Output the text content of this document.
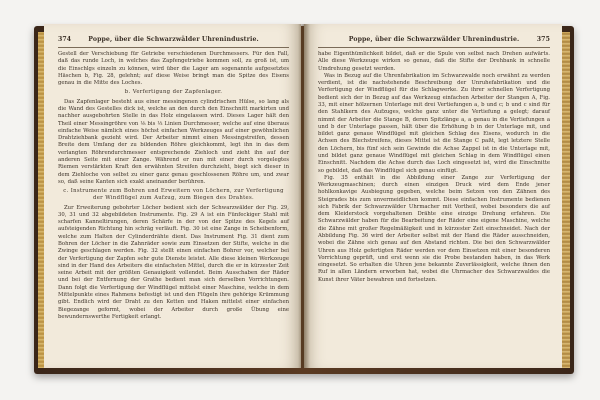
374	Poppe, über die Schwarzwälder Uhrenindustrie.

Gestell der Verschiebung für Getriebe verschiedenen Durchmessers. Für den Fall, daß das runde Loch, in welches das Zapfengetriebe kommen soll, zu groß ist, um die Einschlgs einzeln zu können, wird über die Lager am sogenannte aufgesetztes Häschen b, Fig. 28, gelehnt; auf diese Weise bringt man die Spitze des Eisens genau in die Mitte des Loches.

b. Verfertigung der Zapfenlager.

Das Zapfenlager besteht aus einer messingenen cylindrischen Hülse, so lang als die Wand des Gestelles dick ist, welche an den durch den Einschnitt markirten und nachher ausgebohrten Stelle in das Holz eingelassen wird. Dieses Lager hält den Theil einer Messingröhre von ⅛ bis ⅓ Linien Durchmesser, welche auf eine überaus einfache Weise nämlich eines höchst einfachen Werkzeuges auf einer gewöhnlichen Drahtziehbank gezieht wird. Der Arbeiter nimmt einen Messingstreifen, dessen Breite dem Umfang der zu bildenden Röhre gleichkommt, legt ihn in das dem verlangten Röhrendurchmesser entsprechende Ziehloch und zieht ihn auf der anderen Seite mit einer Zange. Während er nun mit einer durch vorgelegtes Riemen verstärkten Kraft den erwähnten Streifen durchzieht, biegt sich dieser in dem Ziehloche von selbst zu einer ganz genau geschlossenen Röhre um, und zwar so, daß seine Kanten sich exakt aneinander berühren.

c. Instrumente zum Bohren und Erweitern von Löchern, zur Verfertigung der Windflügel zum Aufzug, zum Biegen des Drahtes.

Zur Erweiterung gebohrter Löcher bedient sich der Schwarzwälder der Fig. 29, 30, 31 und 32 abgebildeten Instrumente. Fig. 29 A ist ein Fünfeckiger Stahl mit scharfen Kanneltirungen, deren Schärfe in der von der Spitze des Kegels auf aufsteigenden Richtung hin schräg verläuft. Fig. 30 ist eine Zange in Scheibenform, welche zum Halten der Cylinderdrähte dient. Das Instrument Fig. 31 dient zum Bohren der Löcher in die Zahnräder sowie zum Einsetzen der Stifte, welche in die Zwinge geschlagen werden. Fig. 32 stellt einen einfachen Bohrer vor, welcher bei der Verfertigung der Zapfen sehr gute Dienste leistet. Alle diese kleinen Werkzeuge sind in der Hand des Arbeiters die einfachsten Mittel, durch die er in kürzester Zeit seine Arbeit mit der größten Genauigkeit vollendet. Beim Ausschaben der Räder und bei der Entfernung der Grathe bedient man sich derselben Vorrichtungen. Dann folgt die Verfertigung der Windflügel mittelst einer Maschine, welche in dem Mittelpunkte eines Rahmens befestigt ist und den Flügeln ihre gehörige Krümmung gibt. Endlich wird der Draht zu den Ketten und Haken mittelst einer einfachen Biegezange geformt, wobei der Arbeiter durch große Übung eine bewundernswerthe Fertigkeit erlangt.

Poppe, über die Schwarzwälder Uhrenindustrie.	375

habe Eigenthümlichkeit bildet, daß er die Spule von selbst nach Drehen aufwärts. Alle diese Werkzeuge wirken so genau, daß die Stifte der Drehbank in schnelle Umdrehung gesetzt werden.

Was in Bezug auf die Uhrenfabrikation im Schwarzwalde noch erwähnt zu werden verdient, ist die nachstehende Beschreibung der Unruhefabrikation und die Verfertigung der Windflügel für die Schlagwerke. Zu ihrer schnellen Verfertigung bedient sich der in Bezug auf das Werkzeug einfachen Arbeiter der Stangen A, Fig. 33, mit einer hölzernen Unterlage mit drei Vertiefungen a, b und c; b und c sind für den Stahlkern des Aufzuges, welche ganz unter die Vertiefung a gelegt; darauf nimmt der Arbeiter die Stange B, deren Spitzlänge a, a genau in die Vertiefungen a und b der Unterlage passen, hält über die Erhöhung b in der Unterlage mit, und bildet ganz genaue Windflügel mit gleichen Schlag des Eisens, wodurch in die Achsen des Blechstreifens, dieses Mittel ist die Stange C paßt, legt letztere Stelle den Löchern, bis fünf sich sein Gewinde die Achse Zappel ist in die Unterlage mit, und bildet ganz genaue Windflügel mit gleichen Schlag in dem Windflügel einen Einschnitt. Nachdem die Achse durch das Loch eingesetzt ist, wird die Einschnitte so gebildet, daß das Windflügel sich genau einfügt.

Fig. 35 enthält in die Abbildung einer Zange zur Verfertigung der Werkzeugmaschinen; durch einen einzigen Druck wird dem Ende jener hohlkonkavige Ausbiegung gegeben, welche beim Setzen von den Zähnen des Steigrades bis zum unvermeidlichen kommt. Diese einfachen Instrumente bedienen sich Fabrik der Schwarzwälder Uhrmacher mit Vortheil, wobei besonders die auf dem Kleiderstock vorgehaltenen Drähte eine einzige Drehung erfahren. Die Schwarzwälder haben für die Bearbeitung der Räder eine eigene Maschine, welche die Zähne mit großer Regelmäßigkeit und in kürzester Zeit einschneidet. Nach der Abbildung Fig. 36 wird der Arbeiter selbst mit der Hand die Räder ausschneiden, wobei die Zähne sich genau auf den Abstand richten. Die bei den Schwarzwälder Uhren aus Holz gefertigten Räder werden vor dem Einsetzen mit einer besonderen Vorrichtung geprüft, und erst wenn sie die Probe bestanden haben, in das Werk eingesetzt. So erhalten die Uhren jene bekannte Zuverlässigkeit, welche ihnen den Ruf in allen Ländern erworben hat, wobei die Uhrmacher des Schwarzwaldes die Kunst ihrer Väter bewahren und fortsetzen.
